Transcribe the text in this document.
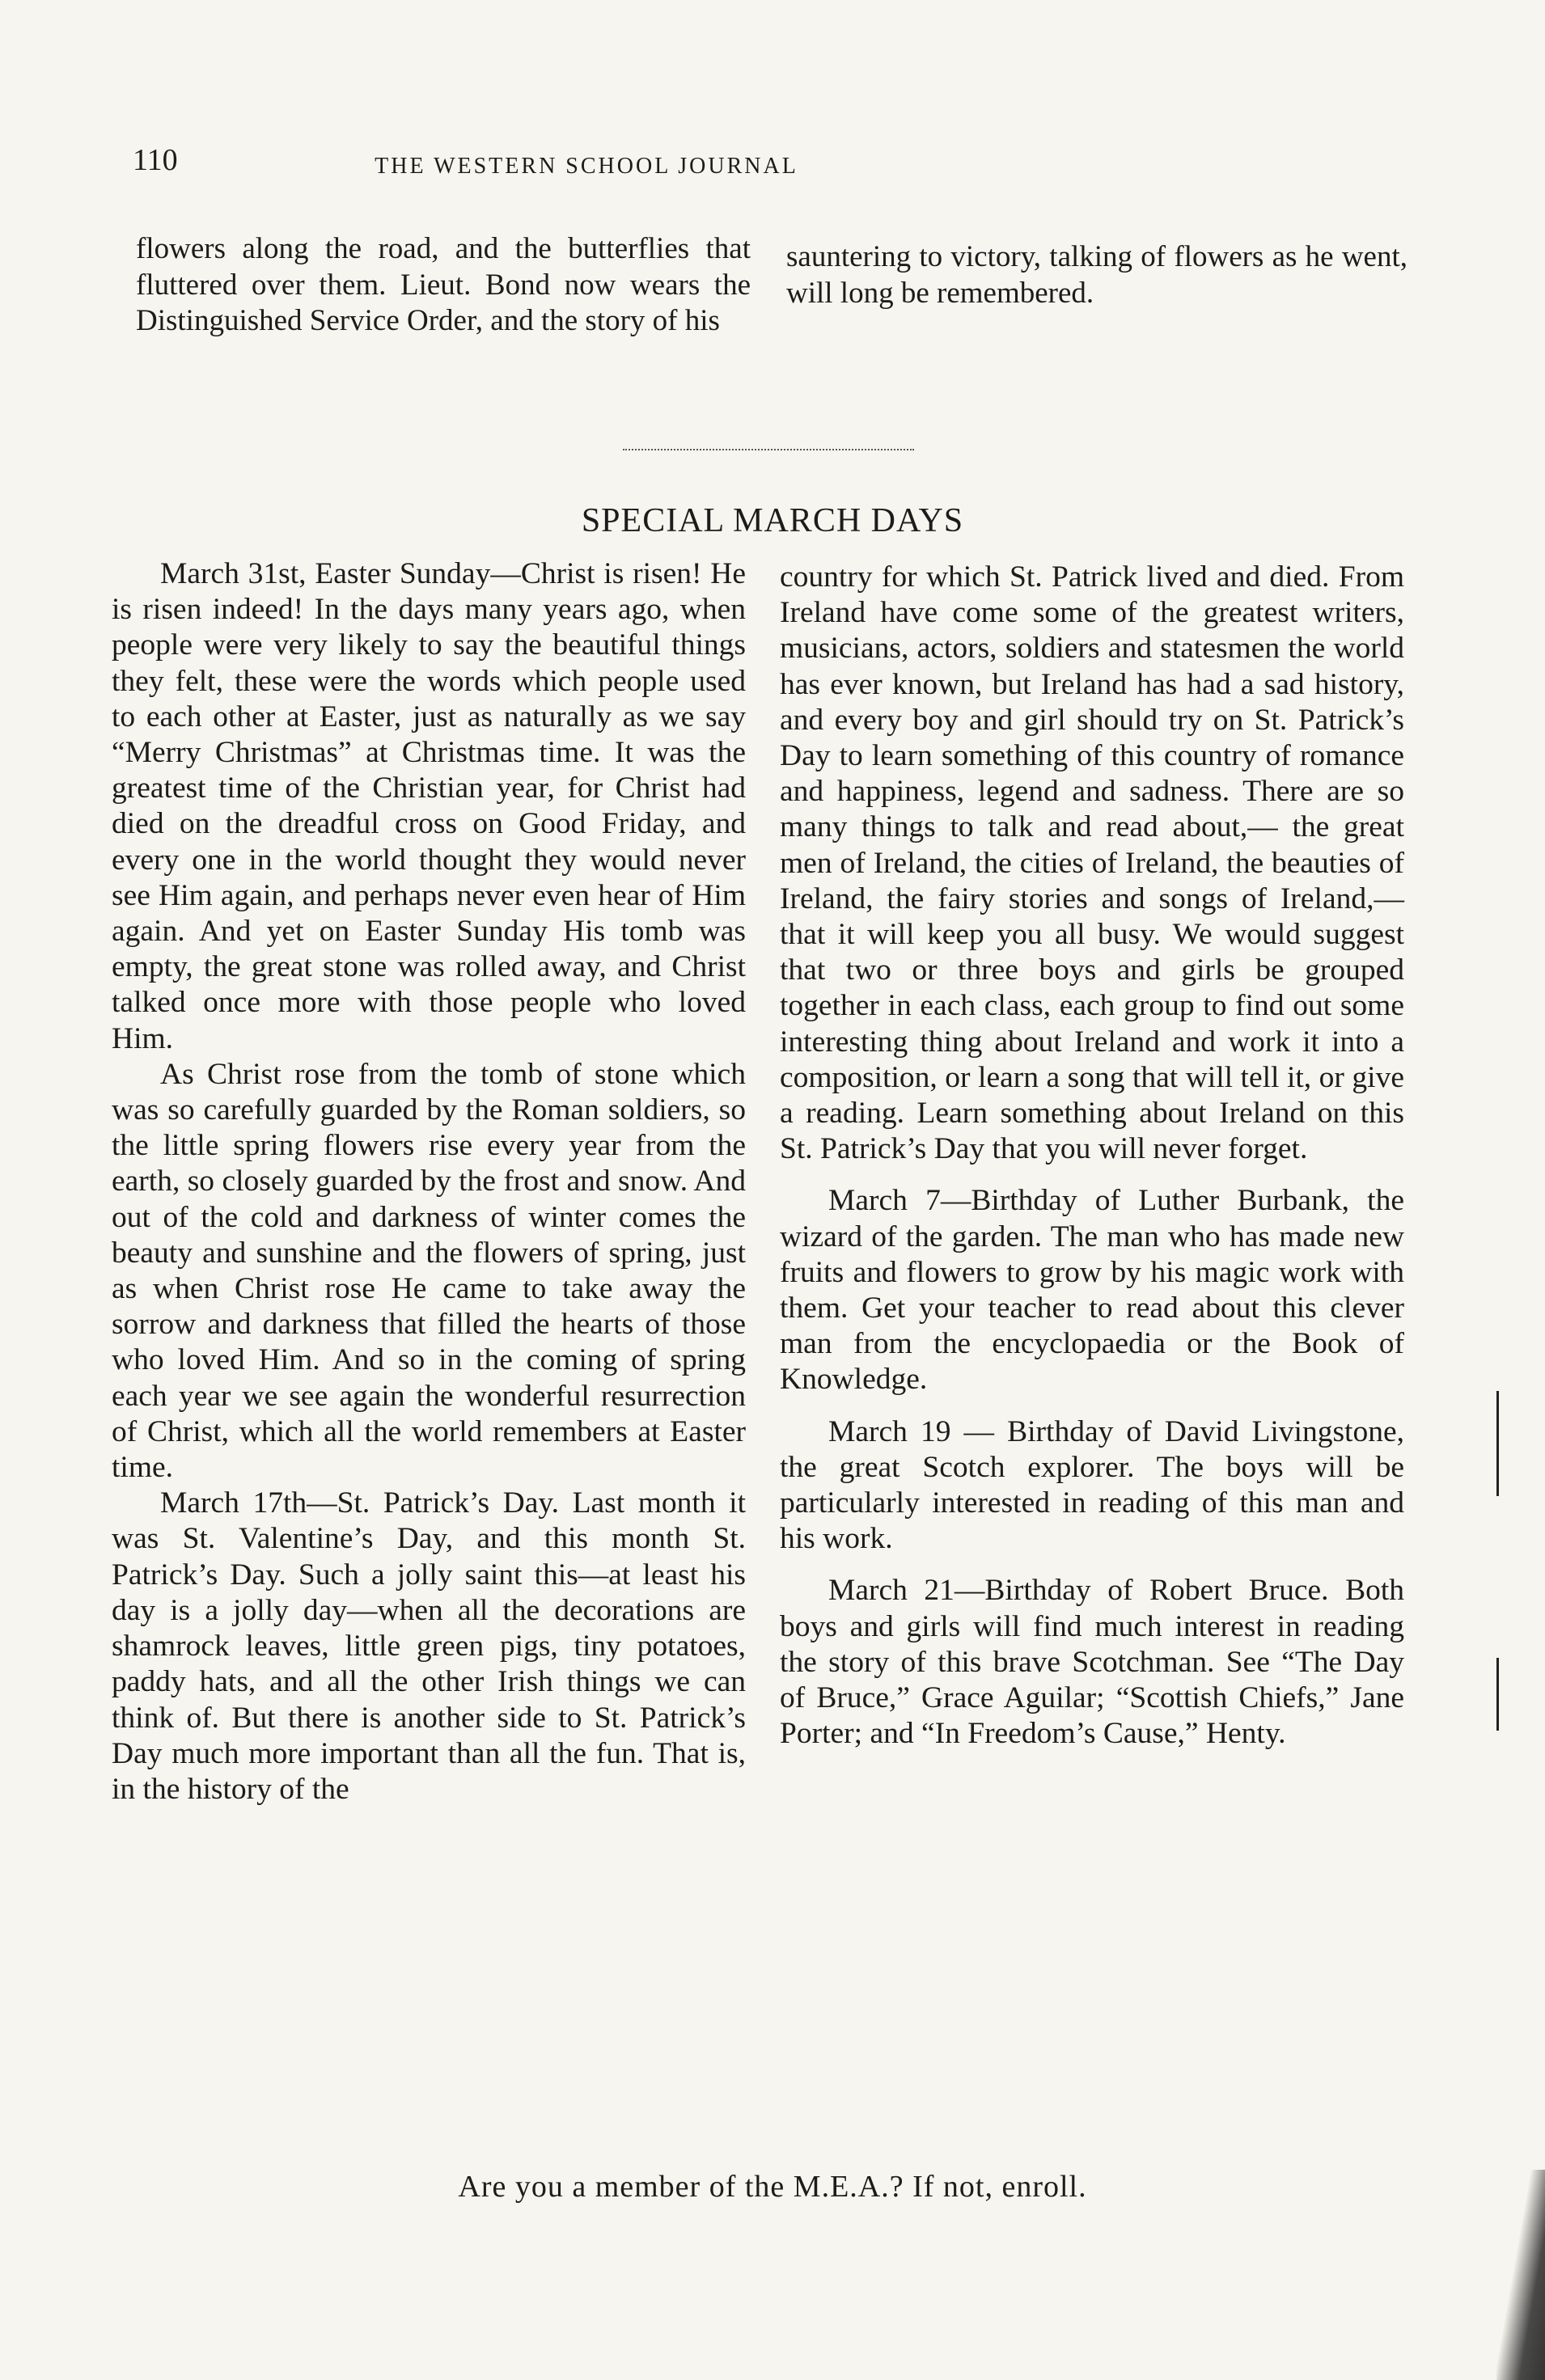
110	THE WESTERN SCHOOL JOURNAL

flowers along the road, and the butterflies that fluttered over them. Lieut. Bond now wears the Distinguished Service Order, and the story of his

sauntering to victory, talking of flowers as he went, will long be remembered.

SPECIAL MARCH DAYS

March 31st, Easter Sunday—Christ is risen! He is risen indeed! In the days many years ago, when people were very likely to say the beautiful things they felt, these were the words which people used to each other at Easter, just as naturally as we say “Merry Christmas” at Christmas time. It was the greatest time of the Christian year, for Christ had died on the dreadful cross on Good Friday, and every one in the world thought they would never see Him again, and perhaps never even hear of Him again. And yet on Easter Sunday His tomb was empty, the great stone was rolled away, and Christ talked once more with those people who loved Him.

As Christ rose from the tomb of stone which was so carefully guarded by the Roman soldiers, so the little spring flowers rise every year from the earth, so closely guarded by the frost and snow. And out of the cold and darkness of winter comes the beauty and sunshine and the flowers of spring, just as when Christ rose He came to take away the sorrow and darkness that filled the hearts of those who loved Him. And so in the coming of spring each year we see again the wonderful resurrection of Christ, which all the world remembers at Easter time.

March 17th—St. Patrick’s Day. Last month it was St. Valentine’s Day, and this month St. Patrick’s Day. Such a jolly saint this—at least his day is a jolly day—when all the decorations are shamrock leaves, little green pigs, tiny potatoes, paddy hats, and all the other Irish things we can think of. But there is another side to St. Patrick’s Day much more important than all the fun. That is, in the history of the

country for which St. Patrick lived and died. From Ireland have come some of the greatest writers, musicians, actors, soldiers and statesmen the world has ever known, but Ireland has had a sad history, and every boy and girl should try on St. Patrick’s Day to learn something of this country of romance and happiness, legend and sadness. There are so many things to talk and read about,— the great men of Ireland, the cities of Ireland, the beauties of Ireland, the fairy stories and songs of Ireland,—that it will keep you all busy. We would suggest that two or three boys and girls be grouped together in each class, each group to find out some interesting thing about Ireland and work it into a composition, or learn a song that will tell it, or give a reading. Learn something about Ireland on this St. Patrick’s Day that you will never forget.

March 7—Birthday of Luther Burbank, the wizard of the garden. The man who has made new fruits and flowers to grow by his magic work with them. Get your teacher to read about this clever man from the encyclopaedia or the Book of Knowledge.

March 19 — Birthday of David Livingstone, the great Scotch explorer. The boys will be particularly interested in reading of this man and his work.

March 21—Birthday of Robert Bruce. Both boys and girls will find much interest in reading the story of this brave Scotchman. See “The Day of Bruce,” Grace Aguilar; “Scottish Chiefs,” Jane Porter; and “In Freedom’s Cause,” Henty.

Are you a member of the M.E.A.? If not, enroll.
